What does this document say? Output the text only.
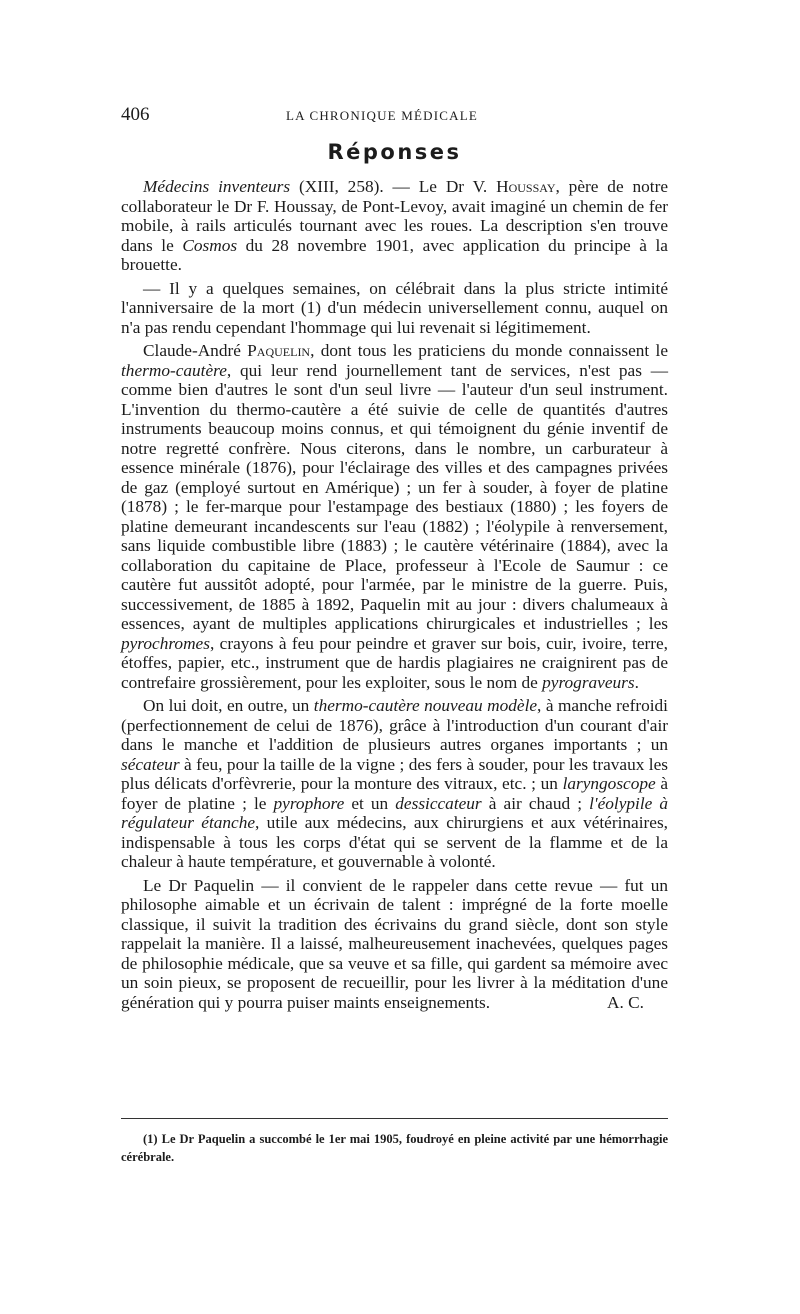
406	LA CHRONIQUE MÉDICALE
Réponses

Médecins inventeurs (XIII, 258). — Le Dr V. Houssay, père de notre collaborateur le Dr F. Houssay, de Pont-Levoy, avait imaginé un chemin de fer mobile, à rails articulés tournant avec les roues. La description s'en trouve dans le Cosmos du 28 novembre 1901, avec application du principe à la brouette.

— Il y a quelques semaines, on célébrait dans la plus stricte intimité l'anniversaire de la mort (1) d'un médecin universellement connu, auquel on n'a pas rendu cependant l'hommage qui lui revenait si légitimement.

Claude-André Paquelin, dont tous les praticiens du monde connaissent le thermo-cautère, qui leur rend journellement tant de services, n'est pas — comme bien d'autres le sont d'un seul livre — l'auteur d'un seul instrument. L'invention du thermo-cautère a été suivie de celle de quantités d'autres instruments beaucoup moins connus, et qui témoignent du génie inventif de notre regretté confrère. Nous citerons, dans le nombre, un carburateur à essence minérale (1876), pour l'éclairage des villes et des campagnes privées de gaz (employé surtout en Amérique) ; un fer à souder, à foyer de platine (1878) ; le fer-marque pour l'estampage des bestiaux (1880) ; les foyers de platine demeurant incandescents sur l'eau (1882) ; l'éolypile à renversement, sans liquide combustible libre (1883) ; le cautère vétérinaire (1884), avec la collaboration du capitaine de Place, professeur à l'Ecole de Saumur : ce cautère fut aussitôt adopté, pour l'armée, par le ministre de la guerre. Puis, successivement, de 1885 à 1892, Paquelin mit au jour : divers chalumeaux à essences, ayant de multiples applications chirurgicales et industrielles ; les pyrochromes, crayons à feu pour peindre et graver sur bois, cuir, ivoire, terre, étoffes, papier, etc., instrument que de hardis plagiaires ne craignirent pas de contrefaire grossièrement, pour les exploiter, sous le nom de pyrograveurs.

On lui doit, en outre, un thermo-cautère nouveau modèle, à manche refroidi (perfectionnement de celui de 1876), grâce à l'introduction d'un courant d'air dans le manche et l'addition de plusieurs autres organes importants ; un sécateur à feu, pour la taille de la vigne ; des fers à souder, pour les travaux les plus délicats d'orfèvrerie, pour la monture des vitraux, etc. ; un laryngoscope à foyer de platine ; le pyrophore et un dessiccateur à air chaud ; l'éolypile à régulateur étanche, utile aux médecins, aux chirurgiens et aux vétérinaires, indispensable à tous les corps d'état qui se servent de la flamme et de la chaleur à haute température, et gouvernable à volonté.

Le Dr Paquelin — il convient de le rappeler dans cette revue — fut un philosophe aimable et un écrivain de talent : imprégné de la forte moelle classique, il suivit la tradition des écrivains du grand siècle, dont son style rappelait la manière. Il a laissé, malheureusement inachevées, quelques pages de philosophie médicale, que sa veuve et sa fille, qui gardent sa mémoire avec un soin pieux, se proposent de recueillir, pour les livrer à la méditation d'une génération qui y pourra puiser maints enseignements.	A. C.

(1) Le Dr Paquelin a succombé le 1er mai 1905, foudroyé en pleine activité par une hémorrhagie cérébrale.
